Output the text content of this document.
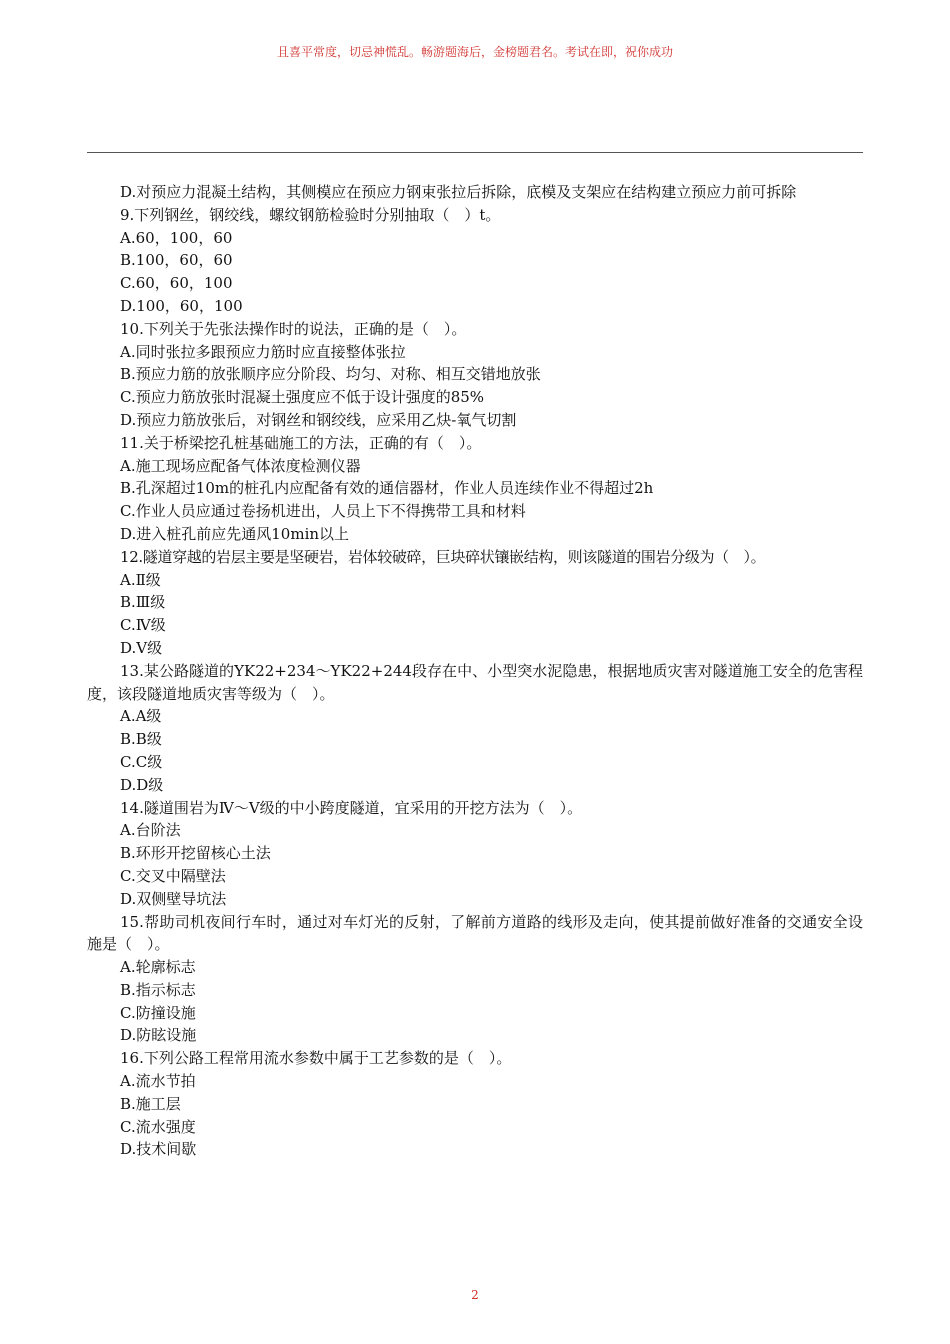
且喜平常度，切忌神慌乱。畅游题海后，金榜题君名。考试在即，祝你成功
D.对预应力混凝土结构，其侧模应在预应力钢束张拉后拆除，底模及支架应在结构建立预应力前可拆除
9.下列钢丝，钢绞线，螺纹钢筋检验时分别抽取（　）t。
A.60，100，60
B.100，60，60
C.60，60，100
D.100，60，100
10.下列关于先张法操作时的说法，正确的是（　）。
A.同时张拉多跟预应力筋时应直接整体张拉
B.预应力筋的放张顺序应分阶段、均匀、对称、相互交错地放张
C.预应力筋放张时混凝土强度应不低于设计强度的85%
D.预应力筋放张后，对钢丝和钢绞线，应采用乙炔-氧气切割
11.关于桥梁挖孔桩基础施工的方法，正确的有（　）。
A.施工现场应配备气体浓度检测仪器
B.孔深超过10m的桩孔内应配备有效的通信器材，作业人员连续作业不得超过2h
C.作业人员应通过卷扬机进出，人员上下不得携带工具和材料
D.进入桩孔前应先通风10min以上
12.隧道穿越的岩层主要是坚硬岩，岩体较破碎，巨块碎状镶嵌结构，则该隧道的围岩分级为（　）。
A.Ⅱ级
B.Ⅲ级
C.Ⅳ级
D.Ⅴ级
13.某公路隧道的YK22+234～YK22+244段存在中、小型突水泥隐患，根据地质灾害对隧道施工安全的危害程度，该段隧道地质灾害等级为（　）。
A.A级
B.B级
C.C级
D.D级
14.隧道围岩为Ⅳ～Ⅴ级的中小跨度隧道，宜采用的开挖方法为（　）。
A.台阶法
B.环形开挖留核心土法
C.交叉中隔壁法
D.双侧壁导坑法
15.帮助司机夜间行车时，通过对车灯光的反射，了解前方道路的线形及走向，使其提前做好准备的交通安全设施是（　）。
A.轮廓标志
B.指示标志
C.防撞设施
D.防眩设施
16.下列公路工程常用流水参数中属于工艺参数的是（　）。
A.流水节拍
B.施工层
C.流水强度
D.技术间歇
2
